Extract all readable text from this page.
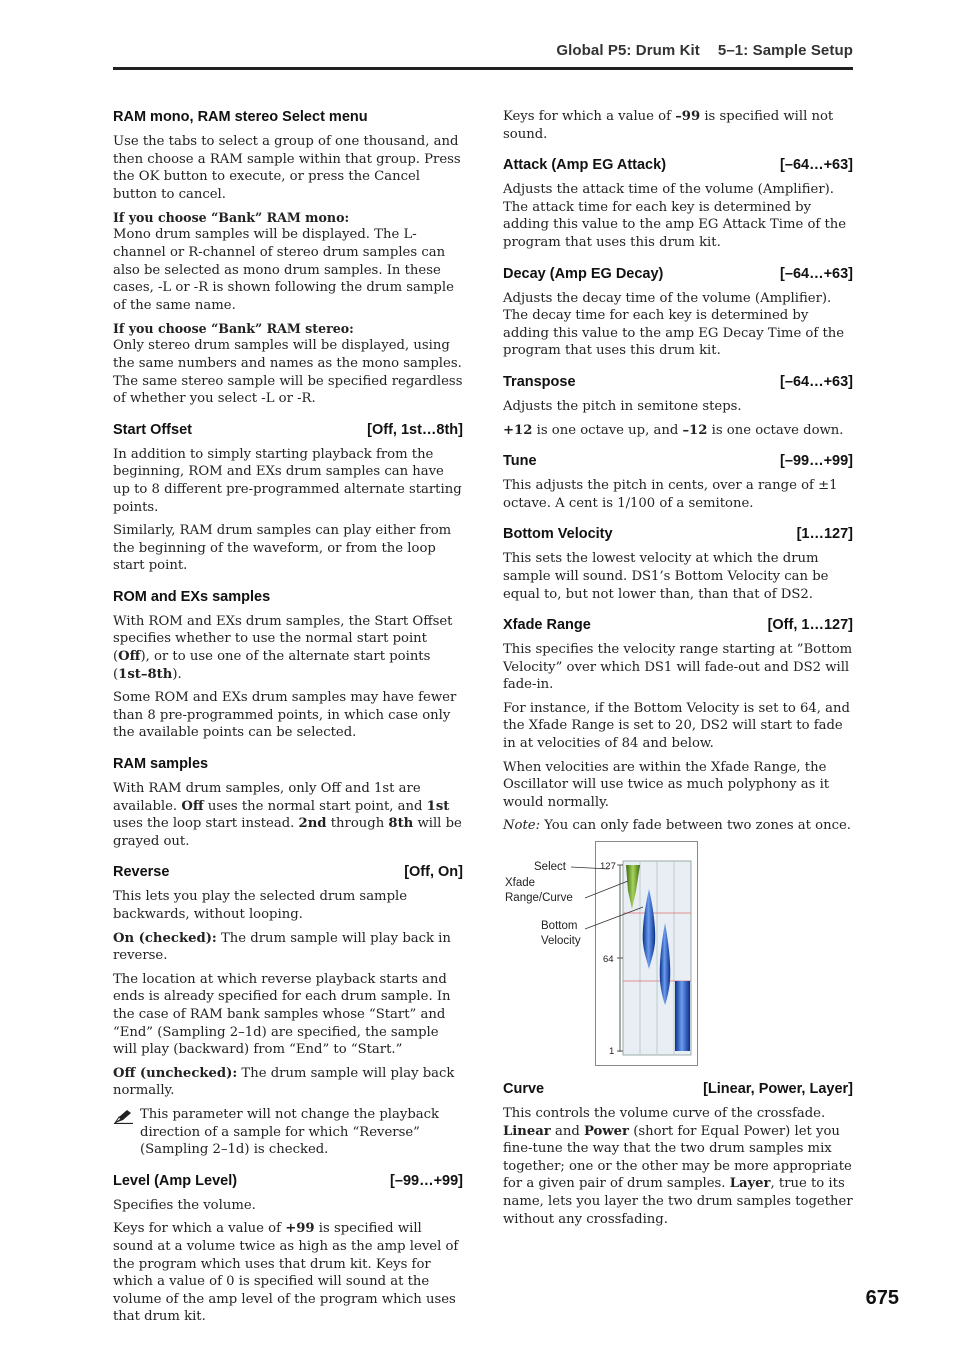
Global P5: Drum Kit 5–1: Sample Setup
RAM mono, RAM stereo Select menu

Use the tabs to select a group of one thousand, and then choose a RAM sample within that group. Press the OK button to execute, or press the Cancel button to cancel.

If you choose “Bank” RAM mono:

Mono drum samples will be displayed. The L-channel or R-channel of stereo drum samples can also be selected as mono drum samples. In these cases, -L or -R is shown following the drum sample of the same name.

If you choose “Bank” RAM stereo:

Only stereo drum samples will be displayed, using the same numbers and names as the mono samples. The same stereo sample will be specified regardless of whether you select -L or -R.

Start Offset	[Off, 1st…8th]

In addition to simply starting playback from the beginning, ROM and EXs drum samples can have up to 8 different pre-programmed alternate starting points.

Similarly, RAM drum samples can play either from the beginning of the waveform, or from the loop start point.

ROM and EXs samples

With ROM and EXs drum samples, the Start Offset specifies whether to use the normal start point (Off), or to use one of the alternate start points (1st–8th).

Some ROM and EXs drum samples may have fewer than 8 pre-programmed points, in which case only the available points can be selected.

RAM samples

With RAM drum samples, only Off and 1st are available. Off uses the normal start point, and 1st uses the loop start instead. 2nd through 8th will be grayed out.

Reverse	[Off, On]

This lets you play the selected drum sample backwards, without looping.

On (checked): The drum sample will play back in reverse.

The location at which reverse playback starts and ends is already specified for each drum sample. In the case of RAM bank samples whose “Start” and “End” (Sampling 2–1d) are specified, the sample will play (backward) from “End” to “Start.”

Off (unchecked): The drum sample will play back normally.

This parameter will not change the playback direction of a sample for which “Reverse” (Sampling 2–1d) is checked.

Level (Amp Level)	[–99…+99]

Specifies the volume.

Keys for which a value of +99 is specified will sound at a volume twice as high as the amp level of the program which uses that drum kit. Keys for which a value of 0 is specified will sound at the volume of the amp level of the program which uses that drum kit.

Keys for which a value of –99 is specified will not sound.

Attack (Amp EG Attack)	[–64…+63]

Adjusts the attack time of the volume (Amplifier). The attack time for each key is determined by adding this value to the amp EG Attack Time of the program that uses this drum kit.

Decay (Amp EG Decay)	[–64…+63]

Adjusts the decay time of the volume (Amplifier). The decay time for each key is determined by adding this value to the amp EG Decay Time of the program that uses this drum kit.

Transpose	[–64…+63]

Adjusts the pitch in semitone steps.

+12 is one octave up, and –12 is one octave down.

Tune	[–99…+99]

This adjusts the pitch in cents, over a range of ±1 octave. A cent is 1/100 of a semitone.

Bottom Velocity	[1…127]

This sets the lowest velocity at which the drum sample will sound. DS1’s Bottom Velocity can be equal to, but not lower than, than that of DS2.

Xfade Range	[Off, 1…127]

This specifies the velocity range starting at ”Bottom Velocity” over which DS1 will fade-out and DS2 will fade-in.

For instance, if the Bottom Velocity is set to 64, and the Xfade Range is set to 20, DS2 will start to fade in at velocities of 84 and below.

When velocities are within the Xfade Range, the Oscillator will use twice as much polyphony as it would normally.

Note: You can only fade between two zones at once.

Select
Xfade
Range/Curve
Bottom
Velocity
127
64
1
Curve	[Linear, Power, Layer]

This controls the volume curve of the crossfade. Linear and Power (short for Equal Power) let you fine-tune the way that the two drum samples mix together; one or the other may be more appropriate for a given pair of drum samples. Layer, true to its name, lets you layer the two drum samples together without any crossfading.

675
